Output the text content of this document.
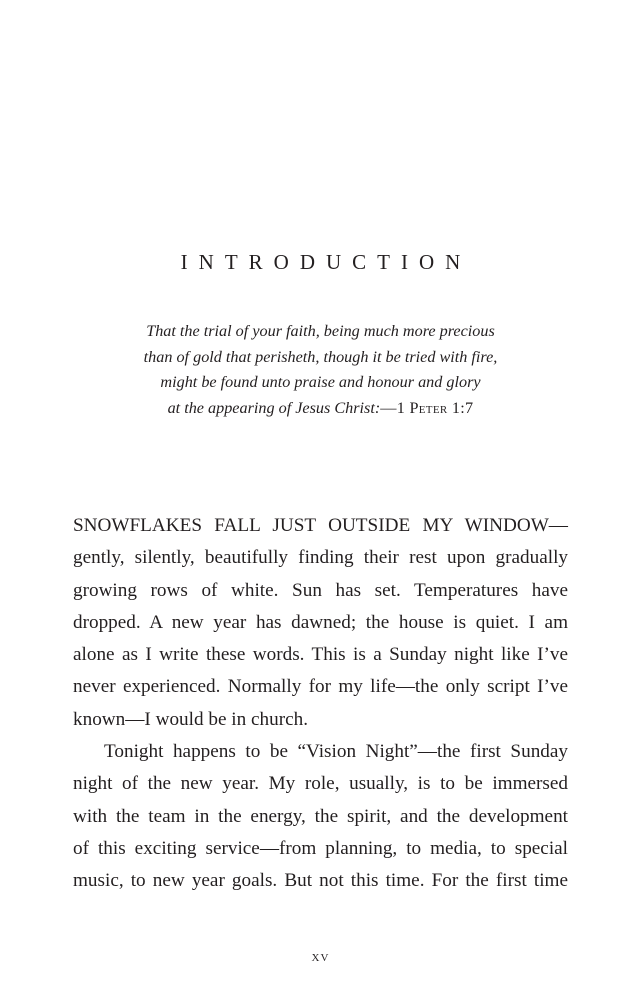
INTRODUCTION
That the trial of your faith, being much more precious
than of gold that perisheth, though it be tried with fire,
might be found unto praise and honour and glory
at the appearing of Jesus Christ:—1 Peter 1:7
SNOWFLAKES FALL JUST OUTSIDE MY WINDOW—
gently, silently, beautifully finding their rest upon gradually
growing rows of white. Sun has set. Temperatures have
dropped. A new year has dawned; the house is quiet. I am
alone as I write these words. This is a Sunday night like I’ve
never experienced. Normally for my life—the only script I’ve
known—I would be in church.
Tonight happens to be “Vision Night”—the first Sunday
night of the new year. My role, usually, is to be immersed
with the team in the energy, the spirit, and the development
of this exciting service—from planning, to media, to special
music, to new year goals. But not this time. For the first time
xv
